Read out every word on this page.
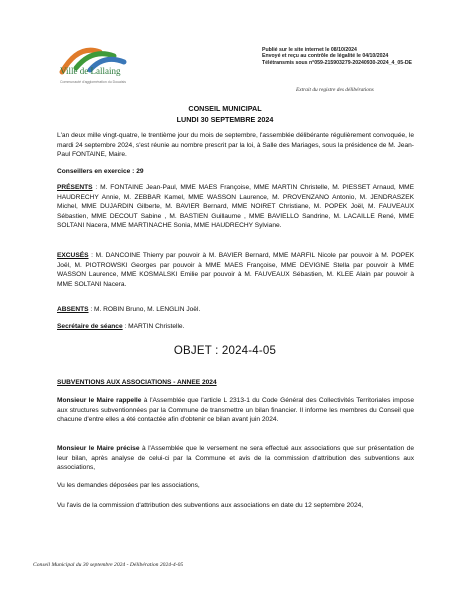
Ville de Lallaing
Communauté d'agglomération du Douaisis
Publié sur le site internet le 08/10/2024
Envoyé et reçu au contrôle de légalité le 04/10/2024
Télétransmis sous n°059-215903279-20240930-2024_4_05-DE
Extrait du registre des délibérations
CONSEIL MUNICIPAL
LUNDI 30 SEPTEMBRE 2024
L'an deux mille vingt-quatre, le trentième jour du mois de septembre, l'assemblée délibérante régulièrement convoquée, le mardi 24 septembre 2024, s'est réunie au nombre prescrit par la loi, à Salle des Mariages, sous la présidence de M. Jean-Paul FONTAINE, Maire.
Conseillers en exercice : 29
PRÉSENTS : M. FONTAINE Jean-Paul, MME MAES Françoise, MME MARTIN Christelle, M. PIESSET Arnaud, MME HAUDRECHY Annie, M. ZEBBAR Kamel, MME WASSON Laurence, M. PROVENZANO Antonio, M. JENDRASZEK Michel, MME DUJARDIN Gilberte, M. BAVIER Bernard, MME NOIRET Christiane, M. POPEK Joël, M. FAUVEAUX Sébastien, MME DECOUT Sabine , M. BASTIEN Guillaume , MME BAVIELLO Sandrine, M. LACAILLE René, MME SOLTANI Nacera, MME MARTINACHE Sonia, MME HAUDRECHY Sylviane.
EXCUSÉS : M. DANCOINE Thierry par pouvoir à M. BAVIER Bernard, MME MARFIL Nicole par pouvoir à M. POPEK Joël, M. PIOTROWSKI Georges par pouvoir à MME MAES Françoise, MME DEVIGNE Stella par pouvoir à MME WASSON Laurence, MME KOSMALSKI Emilie par pouvoir à M. FAUVEAUX Sébastien, M. KLEE Alain par pouvoir à MME SOLTANI Nacera.
ABSENTS : M. ROBIN Bruno, M. LENGLIN Joël.
Secrétaire de séance : MARTIN Christelle.
OBJET : 2024-4-05
SUBVENTIONS AUX ASSOCIATIONS - ANNEE 2024
Monsieur le Maire rappelle à l'Assemblée que l'article L 2313-1 du Code Général des Collectivités Territoriales impose aux structures subventionnées par la Commune de transmettre un bilan financier. Il informe les membres du Conseil que chacune d'entre elles a été contactée afin d'obtenir ce bilan avant juin 2024.
Monsieur le Maire précise à l'Assemblée que le versement ne sera effectué aux associations que sur présentation de leur bilan, après analyse de celui-ci par la Commune et avis de la commission d'attribution des subventions aux associations,
Vu les demandes déposées par les associations,
Vu l'avis de la commission d'attribution des subventions aux associations en date du 12 septembre 2024,
Conseil Municipal du 30 septembre 2024 - Délibération 2024-4-05
